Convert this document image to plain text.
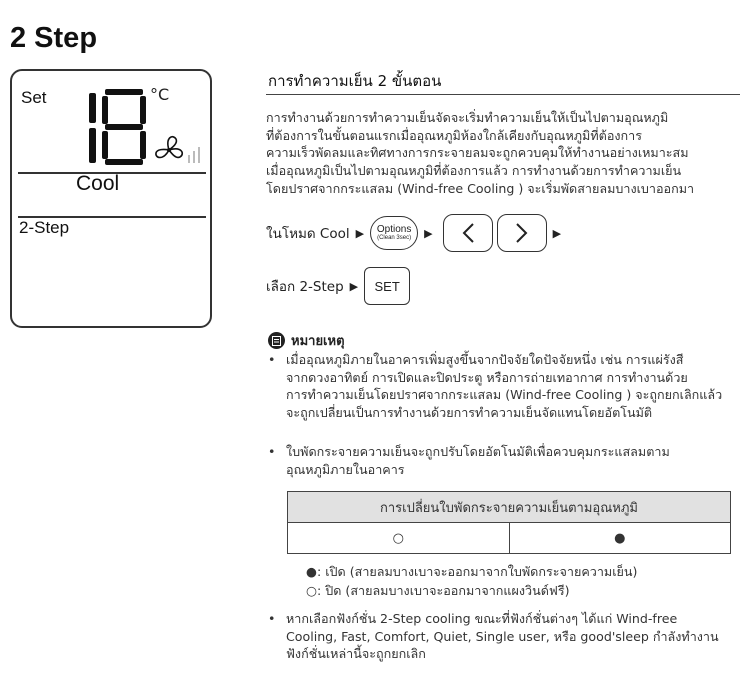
2 Step
Set	°C
Cool
2-Step
การทำความเย็น 2 ขั้นตอน
การทำงานด้วยการทำความเย็นจัดจะเริ่มทำความเย็นให้เป็นไปตามอุณหภูมิ
ที่ต้องการในขั้นตอนแรกเมื่ออุณหภูมิห้องใกล้เคียงกับอุณหภูมิที่ต้องการ
ความเร็วพัดลมและทิศทางการกระจายลมจะถูกควบคุมให้ทำงานอย่างเหมาะสม
เมื่ออุณหภูมิเป็นไปตามอุณหภูมิที่ต้องการแล้ว การทำงานด้วยการทำความเย็น
โดยปราศจากกระแสลม (Wind-free Cooling ) จะเริ่มพัดสายลมบางเบาออกมา
ในโหมด Cool ▶ Options
(Clean 3sec) ▶	▶
เลือก 2-Step ▶	SET
หมายเหตุ
• เมื่ออุณหภูมิภายในอาคารเพิ่มสูงขึ้นจากปัจจัยใดปัจจัยหนึ่ง เช่น การแผ่รังสี
จากดวงอาทิตย์ การเปิดและปิดประตู หรือการถ่ายเทอากาศ การทำงานด้วย
การทำความเย็นโดยปราศจากกระแสลม (Wind-free Cooling ) จะถูกยกเลิกแล้ว
จะถูกเปลี่ยนเป็นการทำงานด้วยการทำความเย็นจัดแทนโดยอัตโนมัติ
• ใบพัดกระจายความเย็นจะถูกปรับโดยอัตโนมัติเพื่อควบคุมกระแสลมตาม
อุณหภูมิภายในอาคาร
การเปลี่ยนใบพัดกระจายความเย็นตามอุณหภูมิ
○	●
●: เปิด (สายลมบางเบาจะออกมาจากใบพัดกระจายความเย็น)
○: ปิด (สายลมบางเบาจะออกมาจากแผงวินด์ฟรี)
• หากเลือกฟังก์ชั่น 2-Step cooling ขณะที่ฟังก์ชั่นต่างๆ ได้แก่ Wind-free
Cooling, Fast, Comfort, Quiet, Single user, หรือ good'sleep กำลังทำงาน
ฟังก์ชั่นเหล่านี้จะถูกยกเลิก
